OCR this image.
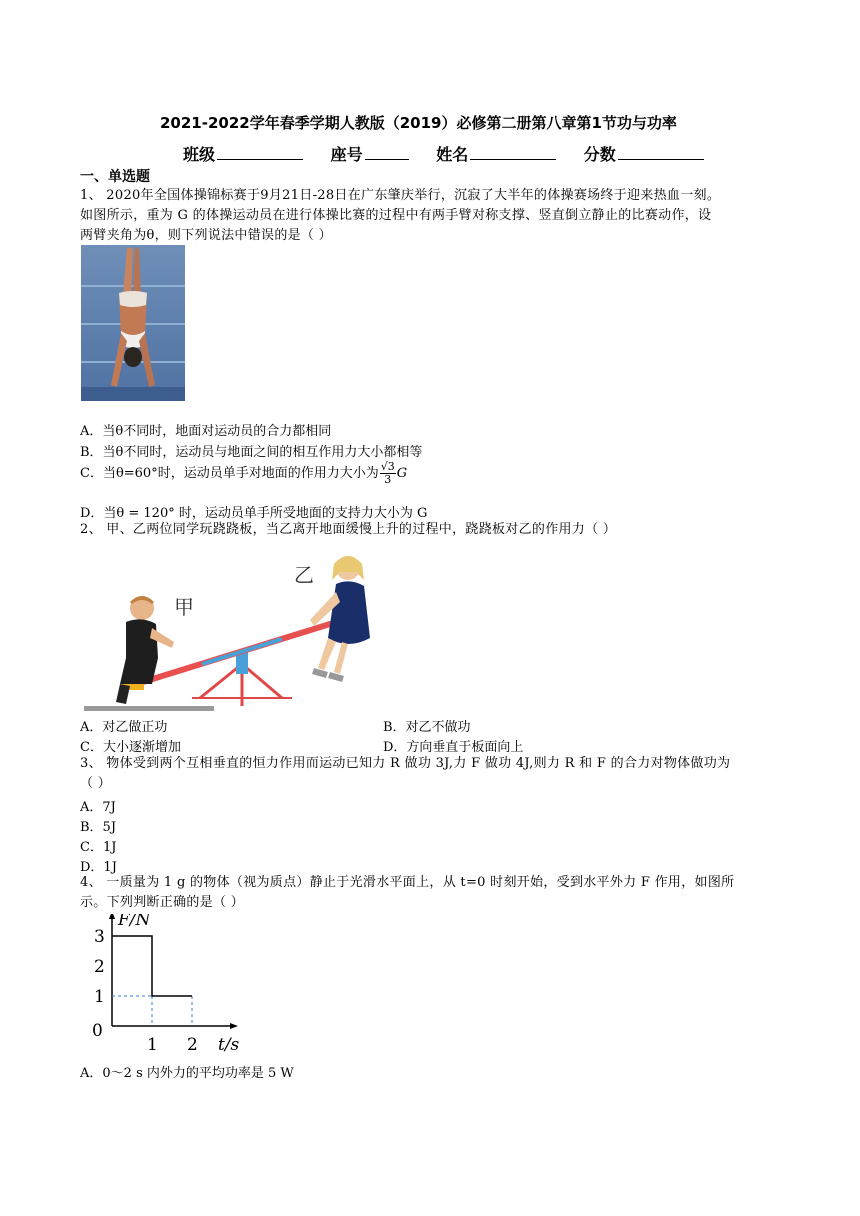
2021-2022学年春季学期人教版（2019）必修第二册第八章第1节功与功率
班级	座号	姓名	分数
一、单选题
1、 2020年全国体操锦标赛于9月21日-28日在广东肇庆举行，沉寂了大半年的体操赛场终于迎来热血一刻。
如图所示，重为 G 的体操运动员在进行体操比赛的过程中有两手臂对称支撑、竖直倒立静止的比赛动作，设
两臂夹角为θ，则下列说法中错误的是（ ）
A．当θ不同时，地面对运动员的合力都相同
B．当θ不同时，运动员与地面之间的相互作用力大小都相等
C．当θ=60°时，运动员单手对地面的作用力大小为 $\frac{√3}{3}$ G
D．当θ = 120° 时，运动员单手所受地面的支持力大小为 G
2、 甲、乙两位同学玩跷跷板，当乙离开地面缓慢上升的过程中，跷跷板对乙的作用力（ ）
甲
乙
A．对乙做正功	B．对乙不做功
C．大小逐渐增加	D．方向垂直于板面向上
3、 物体受到两个互相垂直的恒力作用而运动已知力 R 做功 3J,力 F 做功 4J,则力 R 和 F 的合力对物体做功为
（ ）
A．7J
B．5J
C．1J
D．1J
4、 一质量为 1 g 的物体（视为质点）静止于光滑水平面上，从 t=0 时刻开始，受到水平外力 F 作用，如图所
示。下列判断正确的是（ ）
1
2
3
0
1 2
F/N
t/s
A．0～2 s 内外力的平均功率是 5 W
